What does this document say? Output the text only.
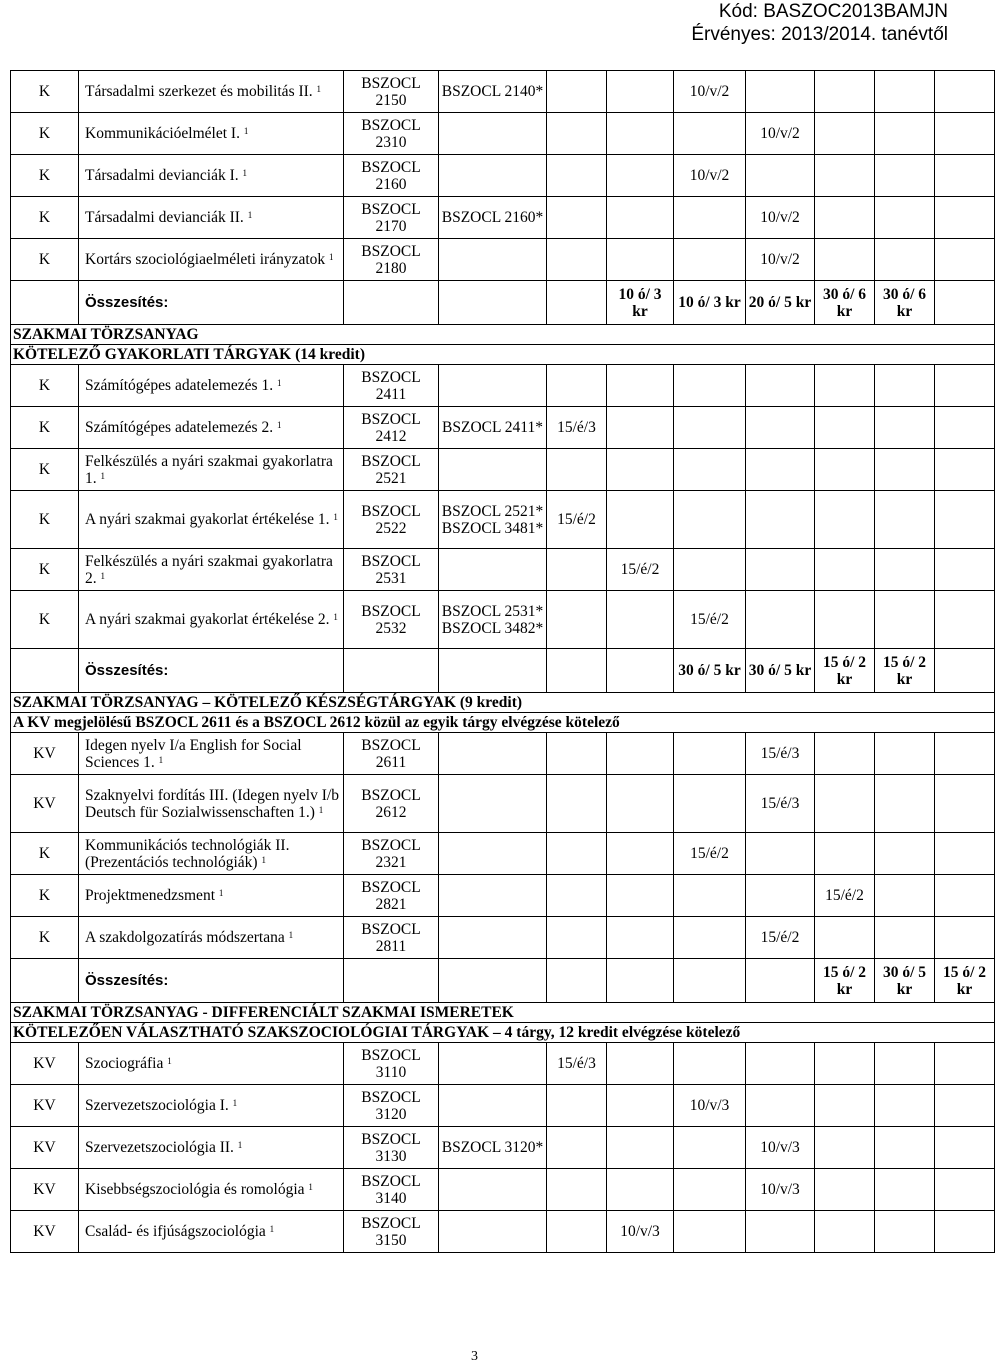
Kód: BASZOC2013BAMJN
Érvényes: 2013/2014. tanévtől
K	Társadalmi szerkezet és mobilitás II. $^1$	BSZOCL 2150	BSZOCL 2140*			10/v/2				
K	Kommunikációelmélet I. $^1$	BSZOCL 2310					10/v/2			
K	Társadalmi devianciák I. $^1$	BSZOCL 2160				10/v/2				
K	Társadalmi devianciák II. $^1$	BSZOCL 2170	BSZOCL 2160*				10/v/2			
K	Kortárs szociológiaelméleti irányzatok $^1$	BSZOCL 2180					10/v/2			
	Összesítés:				10 ó/ 3 kr	10 ó/ 3 kr	20 ó/ 5 kr	30 ó/ 6 kr	30 ó/ 6 kr	
SZAKMAI TÖRZSANYAG										
KÖTELEZŐ GYAKORLATI TÁRGYAK (14 kredit)										
K	Számítógépes adatelemezés 1. $^1$	BSZOCL 2411								
K	Számítógépes adatelemezés 2. $^1$	BSZOCL 2412	BSZOCL 2411*	15/é/3						
K	Felkészülés a nyári szakmai gyakorlatra 1. $^1$	BSZOCL 2521								
K	A nyári szakmai gyakorlat értékelése 1. $^1$	BSZOCL 2522	BSZOCL 2521* BSZOCL 3481*	15/é/2						
K	Felkészülés a nyári szakmai gyakorlatra 2. $^1$	BSZOCL 2531			15/é/2					
K	A nyári szakmai gyakorlat értékelése 2. $^1$	BSZOCL 2532	BSZOCL 2531* BSZOCL 3482*			15/é/2				
	Összesítés:					30 ó/ 5 kr	30 ó/ 5 kr	15 ó/ 2 kr	15 ó/ 2 kr	
SZAKMAI TÖRZSANYAG – KÖTELEZŐ KÉSZSÉGTÁRGYAK (9 kredit)										
A KV megjelölésű BSZOCL 2611 és a BSZOCL 2612 közül az egyik tárgy elvégzése kötelező										
KV	Idegen nyelv I/a English for Social Sciences 1. $^1$	BSZOCL 2611					15/é/3			
KV	Szaknyelvi fordítás III. (Idegen nyelv I/b Deutsch für Sozialwissenschaften 1.) $^1$	BSZOCL 2612					15/é/3			
K	Kommunikációs technológiák II. (Prezentációs technológiák) $^1$	BSZOCL 2321				15/é/2				
K	Projektmenedzsment $^1$	BSZOCL 2821						15/é/2		
K	A szakdolgozatírás módszertana $^1$	BSZOCL 2811					15/é/2			
	Összesítés:							15 ó/ 2 kr	30 ó/ 5 kr	15 ó/ 2 kr
SZAKMAI TÖRZSANYAG - DIFFERENCIÁLT SZAKMAI ISMERETEK										
KÖTELEZŐEN VÁLASZTHATÓ SZAKSZOCIOLÓGIAI TÁRGYAK – 4 tárgy, 12 kredit elvégzése kötelező										
KV	Szociográfia $^1$	BSZOCL 3110		15/é/3						
KV	Szervezetszociológia I. $^1$	BSZOCL 3120				10/v/3				
KV	Szervezetszociológia II. $^1$	BSZOCL 3130	BSZOCL 3120*				10/v/3			
KV	Kisebbségszociológia és romológia $^1$	BSZOCL 3140					10/v/3			
KV	Család- és ifjúságszociológia $^1$	BSZOCL 3150			10/v/3					
3
